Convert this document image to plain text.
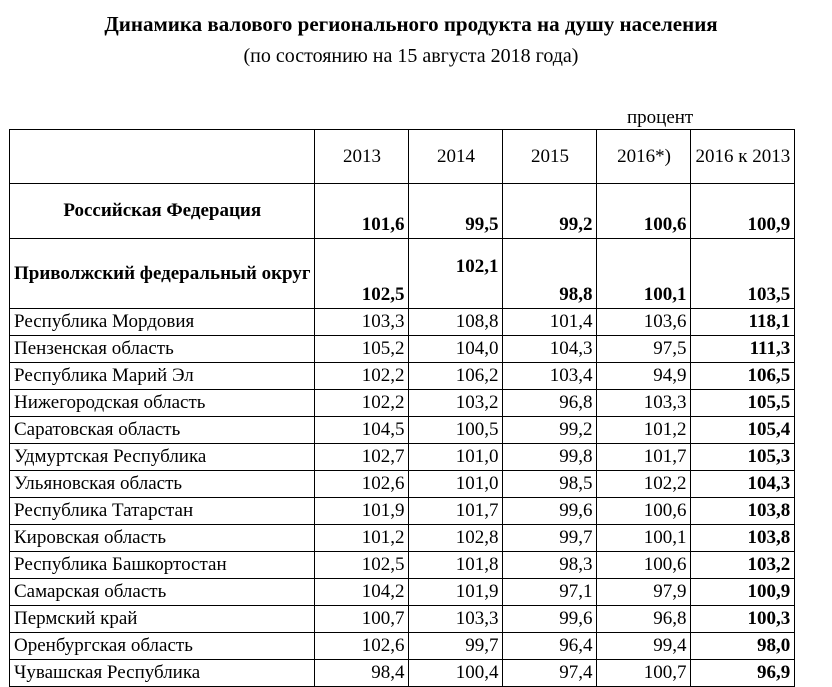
Динамика валового регионального продукта на душу населения
(по состоянию на 15 августа 2018 года)
процент
	2013	2014	2015	2016*)	2016 к 2013
Российская Федерация	101,6	99,5	99,2	100,6	100,9
Приволжский федеральный округ	102,5	102,1	98,8	100,1	103,5
Республика Мордовия	103,3	108,8	101,4	103,6	118,1
Пензенская область	105,2	104,0	104,3	97,5	111,3
Республика Марий Эл	102,2	106,2	103,4	94,9	106,5
Нижегородская область	102,2	103,2	96,8	103,3	105,5
Саратовская область	104,5	100,5	99,2	101,2	105,4
Удмуртская Республика	102,7	101,0	99,8	101,7	105,3
Ульяновская область	102,6	101,0	98,5	102,2	104,3
Республика Татарстан	101,9	101,7	99,6	100,6	103,8
Кировская область	101,2	102,8	99,7	100,1	103,8
Республика Башкортостан	102,5	101,8	98,3	100,6	103,2
Самарская область	104,2	101,9	97,1	97,9	100,9
Пермский край	100,7	103,3	99,6	96,8	100,3
Оренбургская область	102,6	99,7	96,4	99,4	98,0
Чувашская Республика	98,4	100,4	97,4	100,7	96,9
